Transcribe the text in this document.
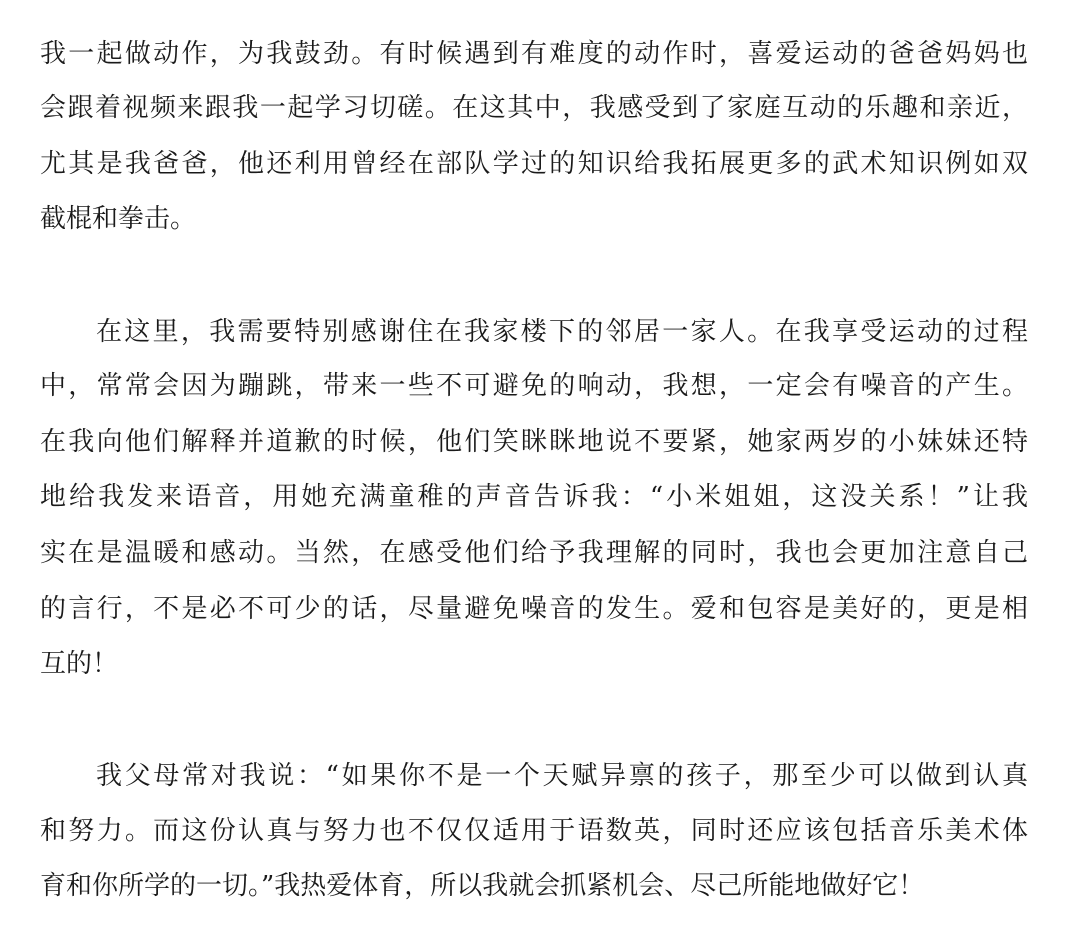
我一起做动作，为我鼓劲。有时候遇到有难度的动作时，喜爱运动的爸爸妈妈也
会跟着视频来跟我一起学习切磋。在这其中，我感受到了家庭互动的乐趣和亲近，
尤其是我爸爸，他还利用曾经在部队学过的知识给我拓展更多的武术知识例如双
截棍和拳击。
在这里，我需要特别感谢住在我家楼下的邻居一家人。在我享受运动的过程
中，常常会因为蹦跳，带来一些不可避免的响动，我想，一定会有噪音的产生。
在我向他们解释并道歉的时候，他们笑眯眯地说不要紧，她家两岁的小妹妹还特
地给我发来语音，用她充满童稚的声音告诉我：“小米姐姐，这没关系！”让我
实在是温暖和感动。当然，在感受他们给予我理解的同时，我也会更加注意自己
的言行，不是必不可少的话，尽量避免噪音的发生。爱和包容是美好的，更是相
互的！
我父母常对我说：“如果你不是一个天赋异禀的孩子，那至少可以做到认真
和努力。而这份认真与努力也不仅仅适用于语数英，同时还应该包括音乐美术体
育和你所学的一切。”我热爱体育，所以我就会抓紧机会、尽己所能地做好它！
